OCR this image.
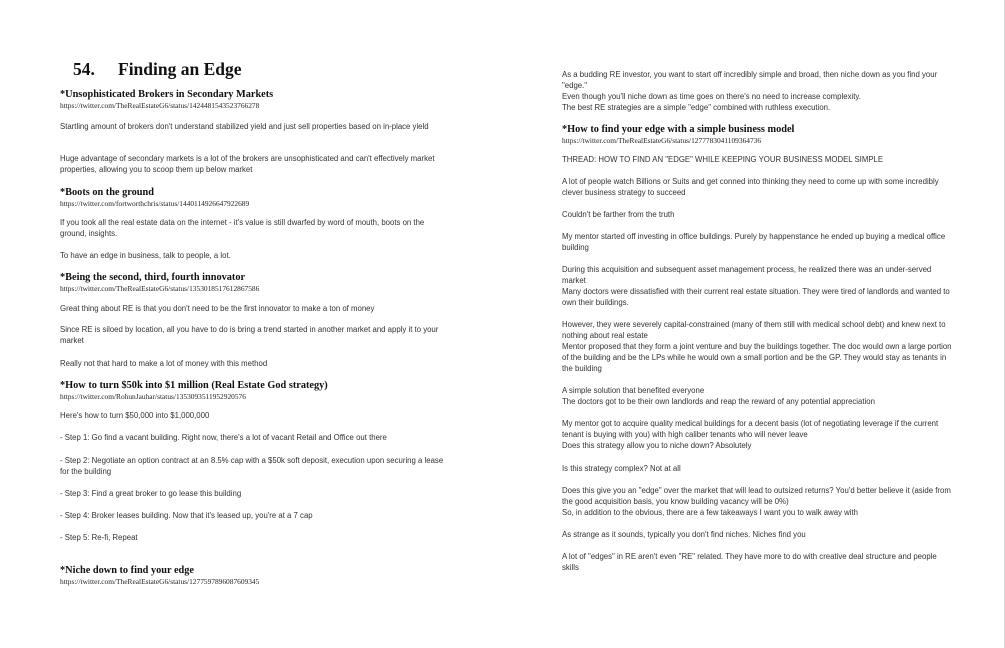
54. Finding an Edge
*Unsophisticated Brokers in Secondary Markets
https://twitter.com/TheRealEstateG6/status/1424481543523766278
Startling amount of brokers don't understand stabilized yield and just sell properties based on in-place yield
Huge advantage of secondary markets is a lot of the brokers are unsophisticated and can't effectively market properties, allowing you to scoop them up below market
*Boots on the ground
https://twitter.com/fortworthchris/status/1440114926647922689
If you took all the real estate data on the internet - it's value is still dwarfed by word of mouth, boots on the ground, insights.
To have an edge in business, talk to people, a lot.
*Being the second, third, fourth innovator
https://twitter.com/TheRealEstateG6/status/1353018517612867586
Great thing about RE is that you don't need to be the first innovator to make a ton of money
Since RE is siloed by location, all you have to do is bring a trend started in another market and apply it to your market
Really not that hard to make a lot of money with this method
*How to turn $50k into $1 million (Real Estate God strategy)
https://twitter.com/RohunJauhar/status/1353093511952920576
Here's how to turn $50,000 into $1,000,000
- Step 1: Go find a vacant building. Right now, there's a lot of vacant Retail and Office out there
- Step 2: Negotiate an option contract at an 8.5% cap with a $50k soft deposit, execution upon securing a lease for the building
- Step 3: Find a great broker to go lease this building
- Step 4: Broker leases building. Now that it's leased up, you're at a 7 cap
- Step 5: Re-fi, Repeat
*Niche down to find your edge
https://twitter.com/TheRealEstateG6/status/1277597896087609345
As a budding RE investor, you want to start off incredibly simple and broad, then niche down as you find your "edge."
Even though you'll niche down as time goes on there's no need to increase complexity.
The best RE strategies are a simple "edge" combined with ruthless execution.
*How to find your edge with a simple business model
https://twitter.com/TheRealEstateG6/status/1277783041109364736
THREAD: HOW TO FIND AN "EDGE" WHILE KEEPING YOUR BUSINESS MODEL SIMPLE
A lot of people watch Billions or Suits and get conned into thinking they need to come up with some incredibly clever business strategy to succeed
Couldn't be farther from the truth
My mentor started off investing in office buildings. Purely by happenstance he ended up buying a medical office building
During this acquisition and subsequent asset management process, he realized there was an under-served market
Many doctors were dissatisfied with their current real estate situation. They were tired of landlords and wanted to own their buildings.
However, they were severely capital-constrained (many of them still with medical school debt) and knew next to nothing about real estate
Mentor proposed that they form a joint venture and buy the buildings together. The doc would own a large portion of the building and be the LPs while he would own a small portion and be the GP. They would stay as tenants in the building
A simple solution that benefited everyone
The doctors got to be their own landlords and reap the reward of any potential appreciation
My mentor got to acquire quality medical buildings for a decent basis (lot of negotiating leverage if the current tenant is buying with you) with high caliber tenants who will never leave
Does this strategy allow you to niche down? Absolutely
Is this strategy complex? Not at all
Does this give you an "edge" over the market that will lead to outsized returns? You'd better believe it (aside from the good acquisition basis, you know building vacancy will be 0%)
So, in addition to the obvious, there are a few takeaways I want you to walk away with
As strange as it sounds, typically you don't find niches. Niches find you
A lot of "edges" in RE aren't even "RE" related. They have more to do with creative deal structure and people skills
